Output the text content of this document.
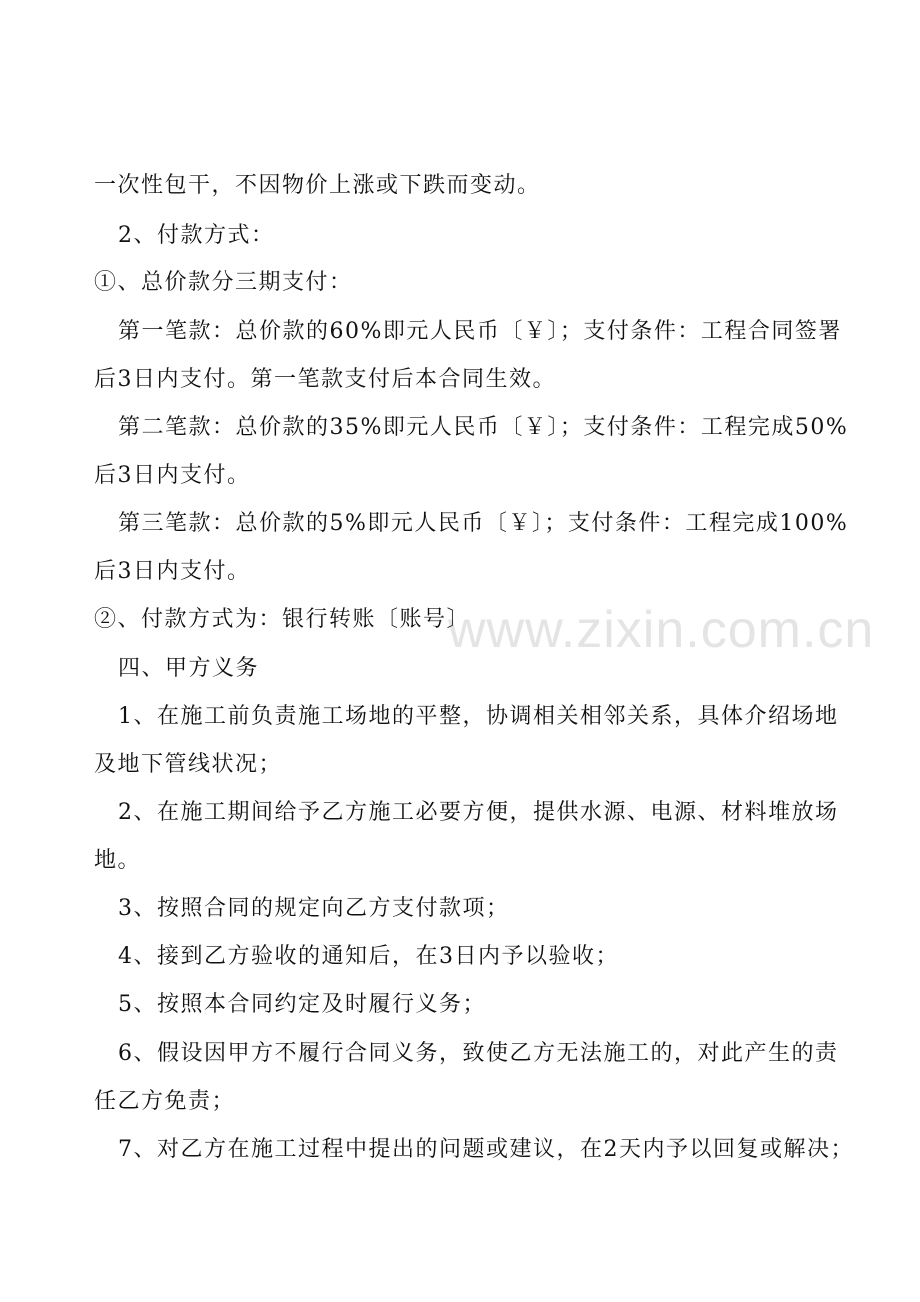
www.zixin.com.cn
一次性包干，不因物价上涨或下跌而变动。
2、付款方式：
①、总价款分三期支付：
第一笔款：总价款的60%即元人民币〔￥〕；支付条件：工程合同签署
后3日内支付。第一笔款支付后本合同生效。
第二笔款：总价款的35%即元人民币〔￥〕；支付条件：工程完成50%
后3日内支付。
第三笔款：总价款的5%即元人民币〔￥〕；支付条件：工程完成100%
后3日内支付。
②、付款方式为：银行转账〔账号〕
四、甲方义务
1、在施工前负责施工场地的平整，协调相关相邻关系，具体介绍场地
及地下管线状况；
2、在施工期间给予乙方施工必要方便，提供水源、电源、材料堆放场
地。
3、按照合同的规定向乙方支付款项；
4、接到乙方验收的通知后，在3日内予以验收；
5、按照本合同约定及时履行义务；
6、假设因甲方不履行合同义务，致使乙方无法施工的，对此产生的责
任乙方免责；
7、对乙方在施工过程中提出的问题或建议，在2天内予以回复或解决；
